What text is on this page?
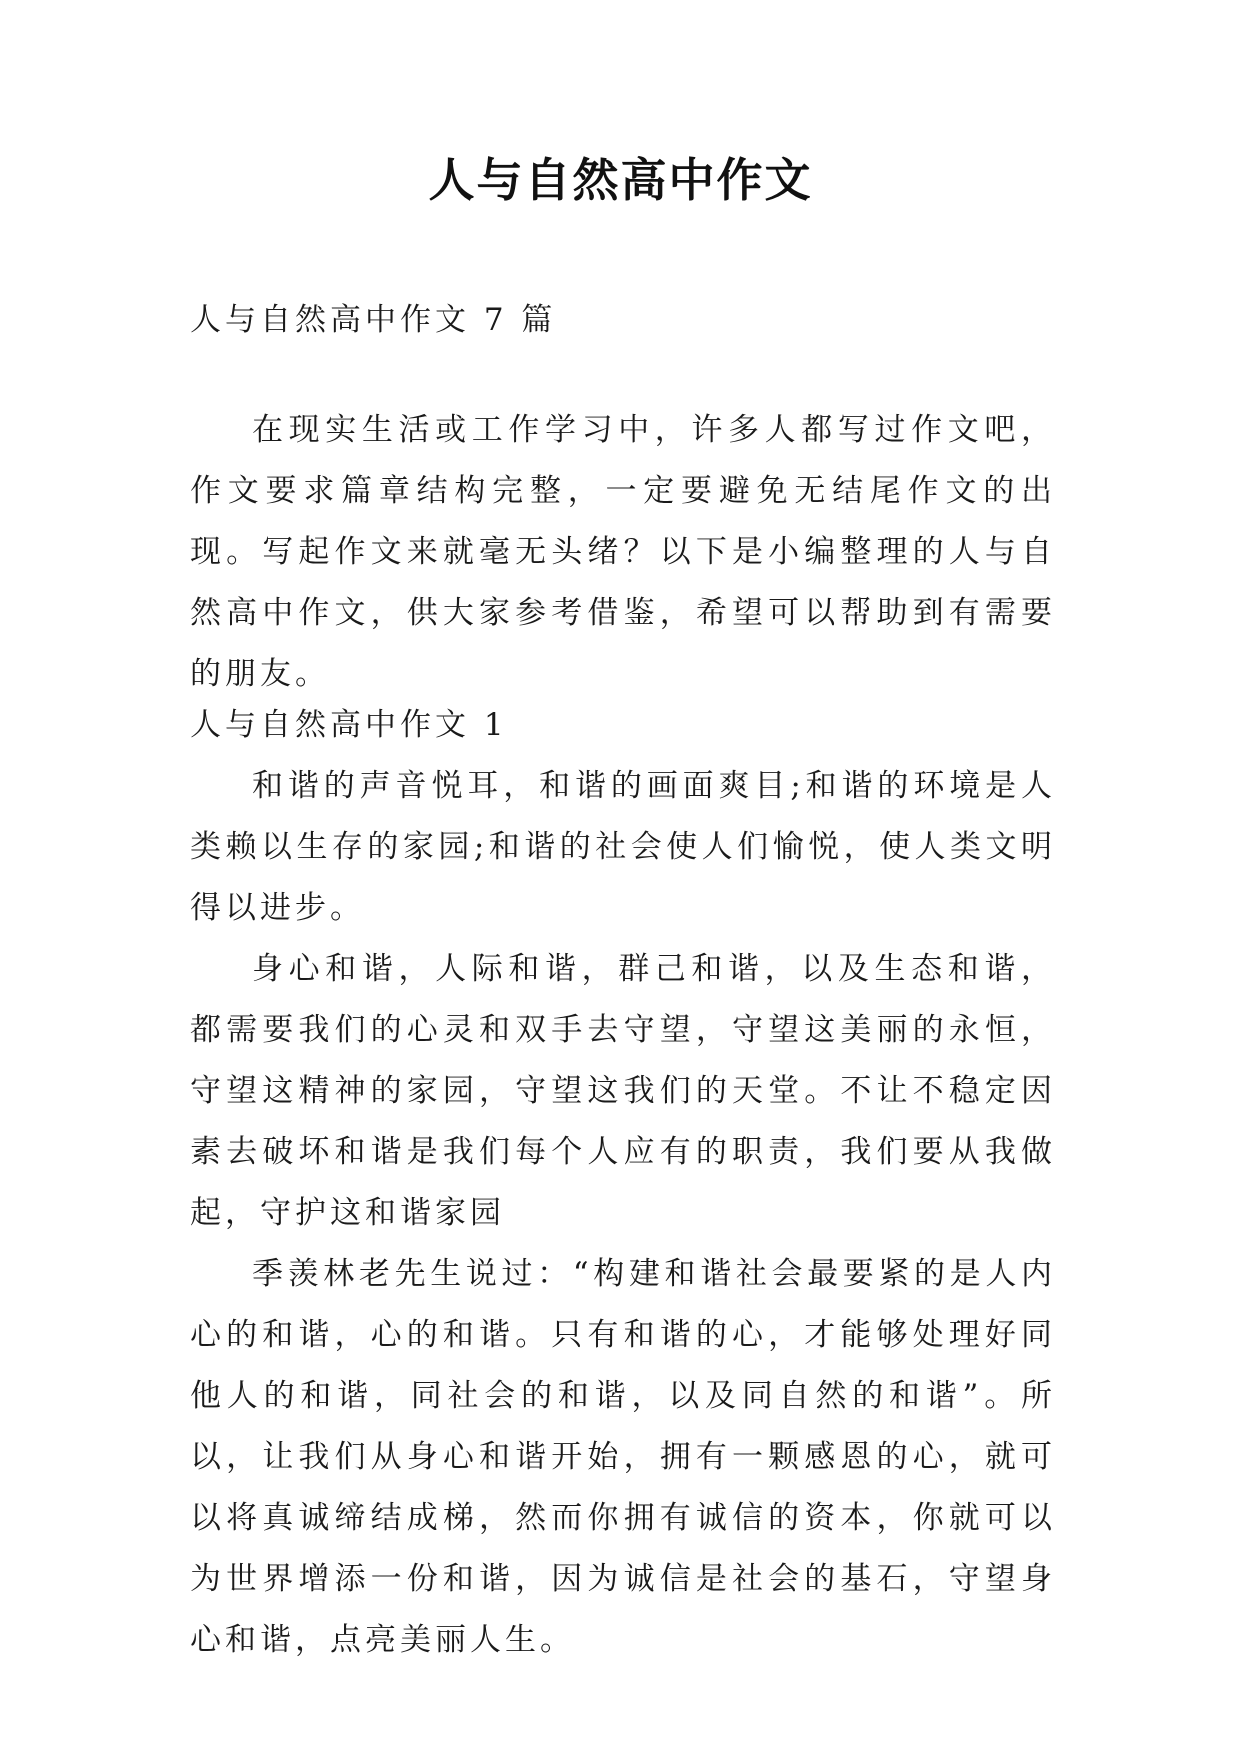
人与自然高中作文
人与自然高中作文 7 篇

在现实生活或工作学习中，许多人都写过作文吧，作文要求篇章结构完整，一定要避免无结尾作文的出现。写起作文来就毫无头绪？以下是小编整理的人与自然高中作文，供大家参考借鉴，希望可以帮助到有需要的朋友。

人与自然高中作文 1

和谐的声音悦耳，和谐的画面爽目;和谐的环境是人类赖以生存的家园;和谐的社会使人们愉悦，使人类文明得以进步。

身心和谐，人际和谐，群己和谐，以及生态和谐，都需要我们的心灵和双手去守望，守望这美丽的永恒，守望这精神的家园，守望这我们的天堂。不让不稳定因素去破坏和谐是我们每个人应有的职责，我们要从我做起，守护这和谐家园

季羡林老先生说过：“构建和谐社会最要紧的是人内心的和谐，心的和谐。只有和谐的心，才能够处理好同他人的和谐，同社会的和谐，以及同自然的和谐”。所以，让我们从身心和谐开始，拥有一颗感恩的心，就可以将真诚缔结成梯，然而你拥有诚信的资本，你就可以为世界增添一份和谐，因为诚信是社会的基石，守望身心和谐，点亮美丽人生。
